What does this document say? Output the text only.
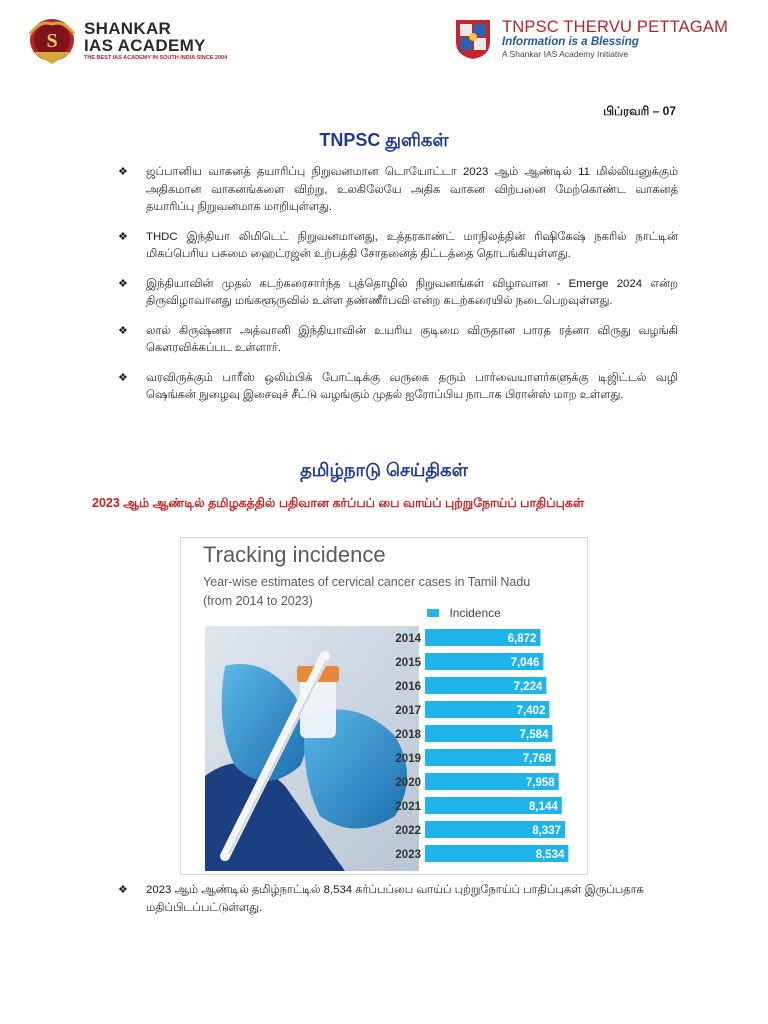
S
SHANKAR
IAS ACADEMY
THE BEST IAS ACADEMY IN SOUTH INDIA SINCE 2004
TNPSC THERVU PETTAGAM
Information is a Blessing
A Shankar IAS Academy Initiative
பிப்ரவரி – 07
TNPSC துளிகள்
❖	ஜப்பானிய வாகனத் தயாரிப்பு நிறுவனமான டொயோட்டா 2023 ஆம் ஆண்டில் 11 மில்லியனுக்கும் அதிகமான வாகனங்களை விற்று, உலகிலேயே அதிக வாகன விற்பனை மேற்கொண்ட வாகனத் தயாரிப்பு நிறுவனமாக மாறியுள்ளது.
❖	THDC இந்தியா லிமிடெட் நிறுவனமானது, உத்தரகாண்ட் மாநிலத்தின் ரிஷிகேஷ் நகரில் நாட்டின் மிகப்பெரிய பசுமை ஹைட்ரஜன் உற்பத்தி சோதனைத் திட்டத்தை தொடங்கியுள்ளது.
❖	இந்தியாவின் முதல் கடற்கரைசார்ந்த புத்தொழில் நிறுவனங்கள் விழாவான - Emerge 2024 என்ற திருவிழாவானது மங்களூருவில் உள்ள தண்ணீர்பவி என்ற கடற்கரையில் நடைபெறவுள்ளது.
❖	லால் கிருஷ்ணா அத்வானி இந்தியாவின் உயரிய குடிமை விருதான பாரத ரத்னா விருது வழங்கி கௌரவிக்கப்பட உள்ளார்.
❖	வரவிருக்கும் பாரீஸ் ஒலிம்பிக் போட்டிக்கு வருகை தரும் பார்வையாளர்களுக்கு டிஜிட்டல் வழி ஷெங்கன் நுழைவு இசைவுச் சீட்டு வழங்கும் முதல் ஐரோப்பிய நாடாக பிரான்ஸ் மாற உள்ளது.
தமிழ்நாடு செய்திகள்
2023 ஆம் ஆண்டில் தமிழகத்தில் பதிவான கர்ப்பப் பை வாய்ப் புற்றுநோய்ப் பாதிப்புகள்
Tracking incidence
Year-wise estimates of cervical cancer cases in Tamil Nadu
(from 2014 to 2023)
Incidence
2014	6,872
2015	7,046
2016	7,224
2017	7,402
2018	7,584
2019	7,768
2020	7,958
2021	8,144
2022	8,337
2023	8,534
❖	2023 ஆம் ஆண்டில் தமிழ்நாட்டில் 8,534 கர்ப்பப்பை வாய்ப் புற்றுநோய்ப் பாதிப்புகள் இருப்பதாக மதிப்பிடப்பட்டுள்ளது.
